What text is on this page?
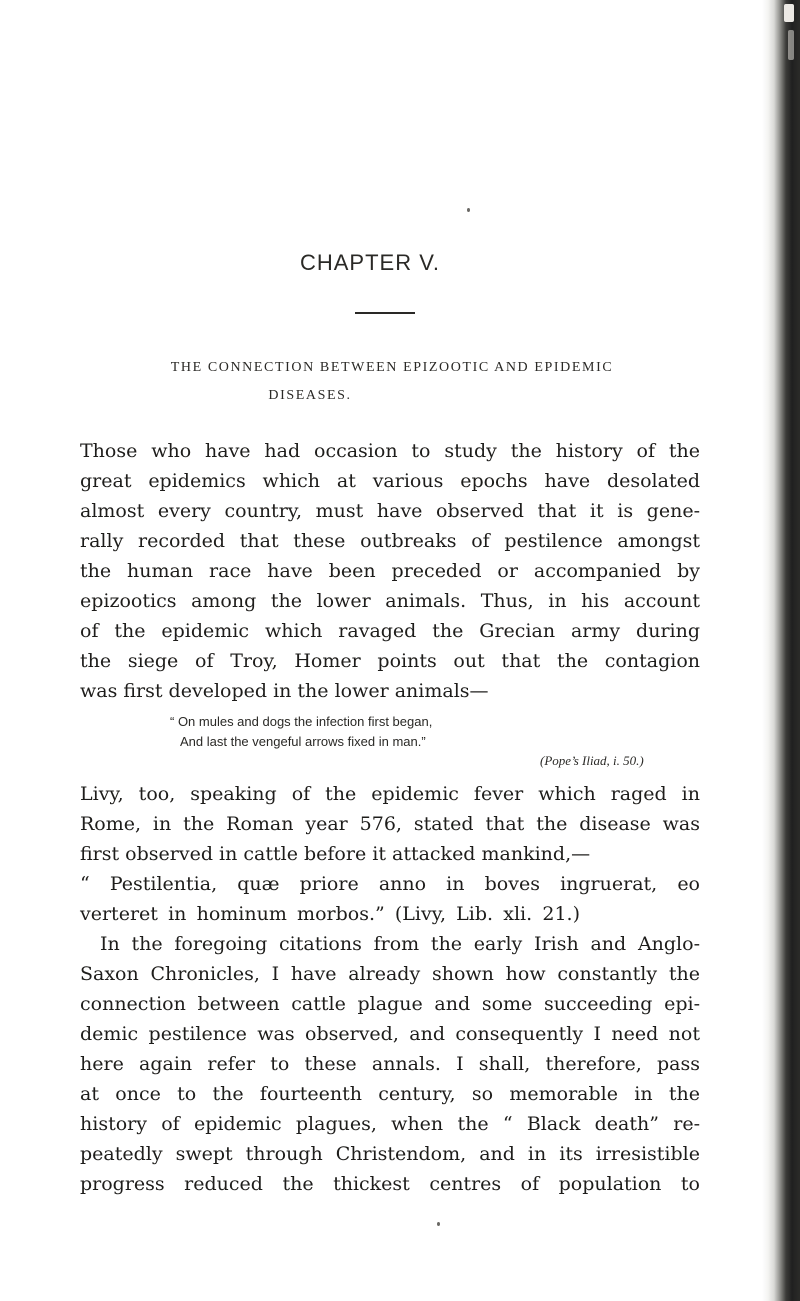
CHAPTER V.
THE CONNECTION BETWEEN EPIZOOTIC AND EPIDEMIC
DISEASES.
Those who have had occasion to study the history of the
great epidemics which at various epochs have desolated
almost every country, must have observed that it is gene-
rally recorded that these outbreaks of pestilence amongst
the human race have been preceded or accompanied by
epizootics among the lower animals. Thus, in his account
of the epidemic which ravaged the Grecian army during
the siege of Troy, Homer points out that the contagion
was first developed in the lower animals—
“ On mules and dogs the infection first began,
And last the vengeful arrows fixed in man.”
(Pope’s Iliad, i. 50.)
Livy, too, speaking of the epidemic fever which raged in
Rome, in the Roman year 576, stated that the disease was
first observed in cattle before it attacked mankind,—
“ Pestilentia, quæ priore anno in boves ingruerat, eo
verteret in hominum morbos.” (Livy, Lib. xli. 21.)
In the foregoing citations from the early Irish and Anglo-
Saxon Chronicles, I have already shown how constantly the
connection between cattle plague and some succeeding epi-
demic pestilence was observed, and consequently I need not
here again refer to these annals. I shall, therefore, pass
at once to the fourteenth century, so memorable in the
history of epidemic plagues, when the “ Black death” re-
peatedly swept through Christendom, and in its irresistible
progress reduced the thickest centres of population to
